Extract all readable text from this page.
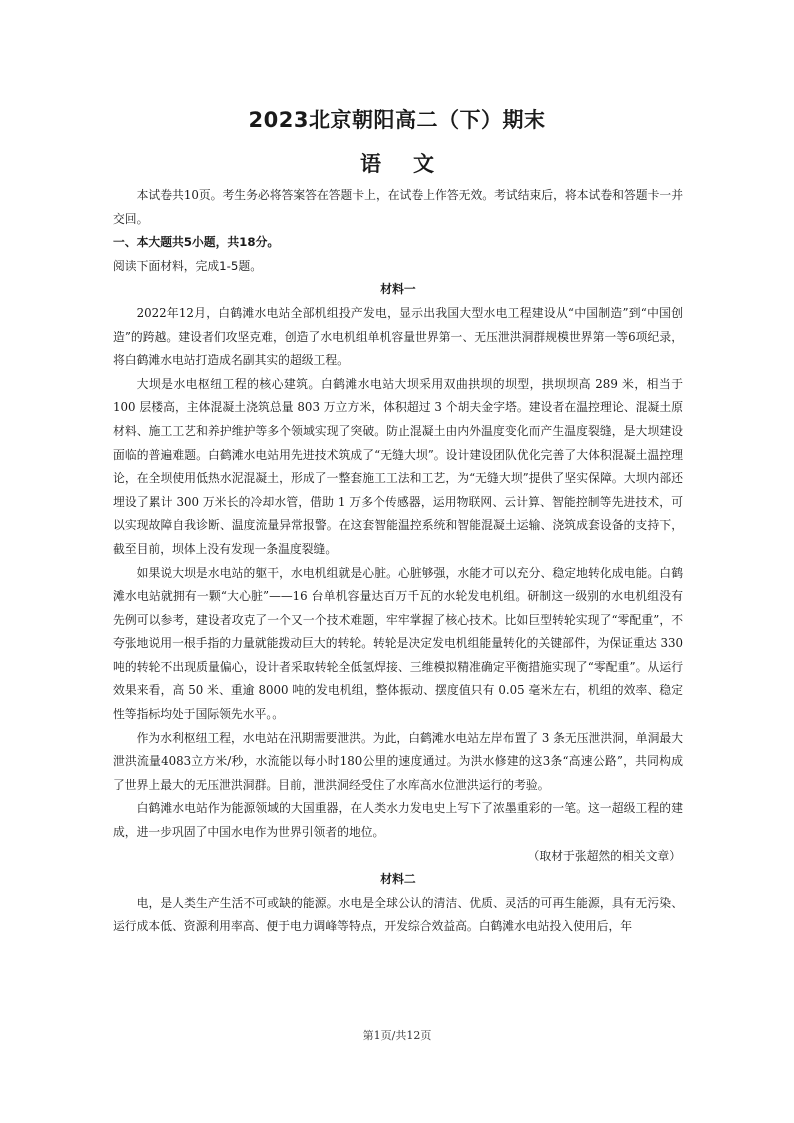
2023北京朝阳高二（下）期末
语文

本试卷共10页。考生务必将答案答在答题卡上，在试卷上作答无效。考试结束后，将本试卷和答题卡一并交回。

一、本大题共5小题，共18分。

阅读下面材料，完成1-5题。

材料一

2022年12月，白鹤滩水电站全部机组投产发电，显示出我国大型水电工程建设从“中国制造”到“中国创造”的跨越。建设者们攻坚克难，创造了水电机组单机容量世界第一、无压泄洪洞群规模世界第一等6项纪录，将白鹤滩水电站打造成名副其实的超级工程。

大坝是水电枢纽工程的核心建筑。白鹤滩水电站大坝采用双曲拱坝的坝型，拱坝坝高 289 米，相当于 100 层楼高，主体混凝土浇筑总量 803 万立方米，体积超过 3 个胡夫金字塔。建设者在温控理论、混凝土原材料、施工工艺和养护维护等多个领域实现了突破。防止混凝土由内外温度变化而产生温度裂缝，是大坝建设面临的普遍难题。白鹤滩水电站用先进技术筑成了“无缝大坝”。设计建设团队优化完善了大体积混凝土温控理论，在全坝使用低热水泥混凝土，形成了一整套施工工法和工艺，为“无缝大坝”提供了坚实保障。大坝内部还埋设了累计 300 万米长的冷却水管，借助 1 万多个传感器，运用物联网、云计算、智能控制等先进技术，可以实现故障自我诊断、温度流量异常报警。在这套智能温控系统和智能混凝土运输、浇筑成套设备的支持下，截至目前，坝体上没有发现一条温度裂缝。

如果说大坝是水电站的躯干，水电机组就是心脏。心脏够强，水能才可以充分、稳定地转化成电能。白鹤滩水电站就拥有一颗“大心脏”——16 台单机容量达百万千瓦的水轮发电机组。研制这一级别的水电机组没有先例可以参考，建设者攻克了一个又一个技术难题，牢牢掌握了核心技术。比如巨型转轮实现了“零配重”，不夸张地说用一根手指的力量就能拨动巨大的转轮。转轮是决定发电机组能量转化的关键部件，为保证重达 330 吨的转轮不出现质量偏心，设计者采取转轮全低氢焊接、三维模拟精准确定平衡措施实现了“零配重”。从运行效果来看，高 50 米、重逾 8000 吨的发电机组，整体振动、摆度值只有 0.05 毫米左右，机组的效率、稳定性等指标均处于国际领先水平。。

作为水利枢纽工程，水电站在汛期需要泄洪。为此，白鹤滩水电站左岸布置了 3 条无压泄洪洞，单洞最大泄洪流量4083立方米/秒，水流能以每小时180公里的速度通过。为洪水修建的这3条“高速公路”，共同构成了世界上最大的无压泄洪洞群。目前，泄洪洞经受住了水库高水位泄洪运行的考验。

白鹤滩水电站作为能源领域的大国重器，在人类水力发电史上写下了浓墨重彩的一笔。这一超级工程的建成，进一步巩固了中国水电作为世界引领者的地位。

（取材于张超然的相关文章）

材料二

电，是人类生产生活不可或缺的能源。水电是全球公认的清洁、优质、灵活的可再生能源，具有无污染、运行成本低、资源利用率高、便于电力调峰等特点，开发综合效益高。白鹤滩水电站投入使用后，年

第1页/共12页
